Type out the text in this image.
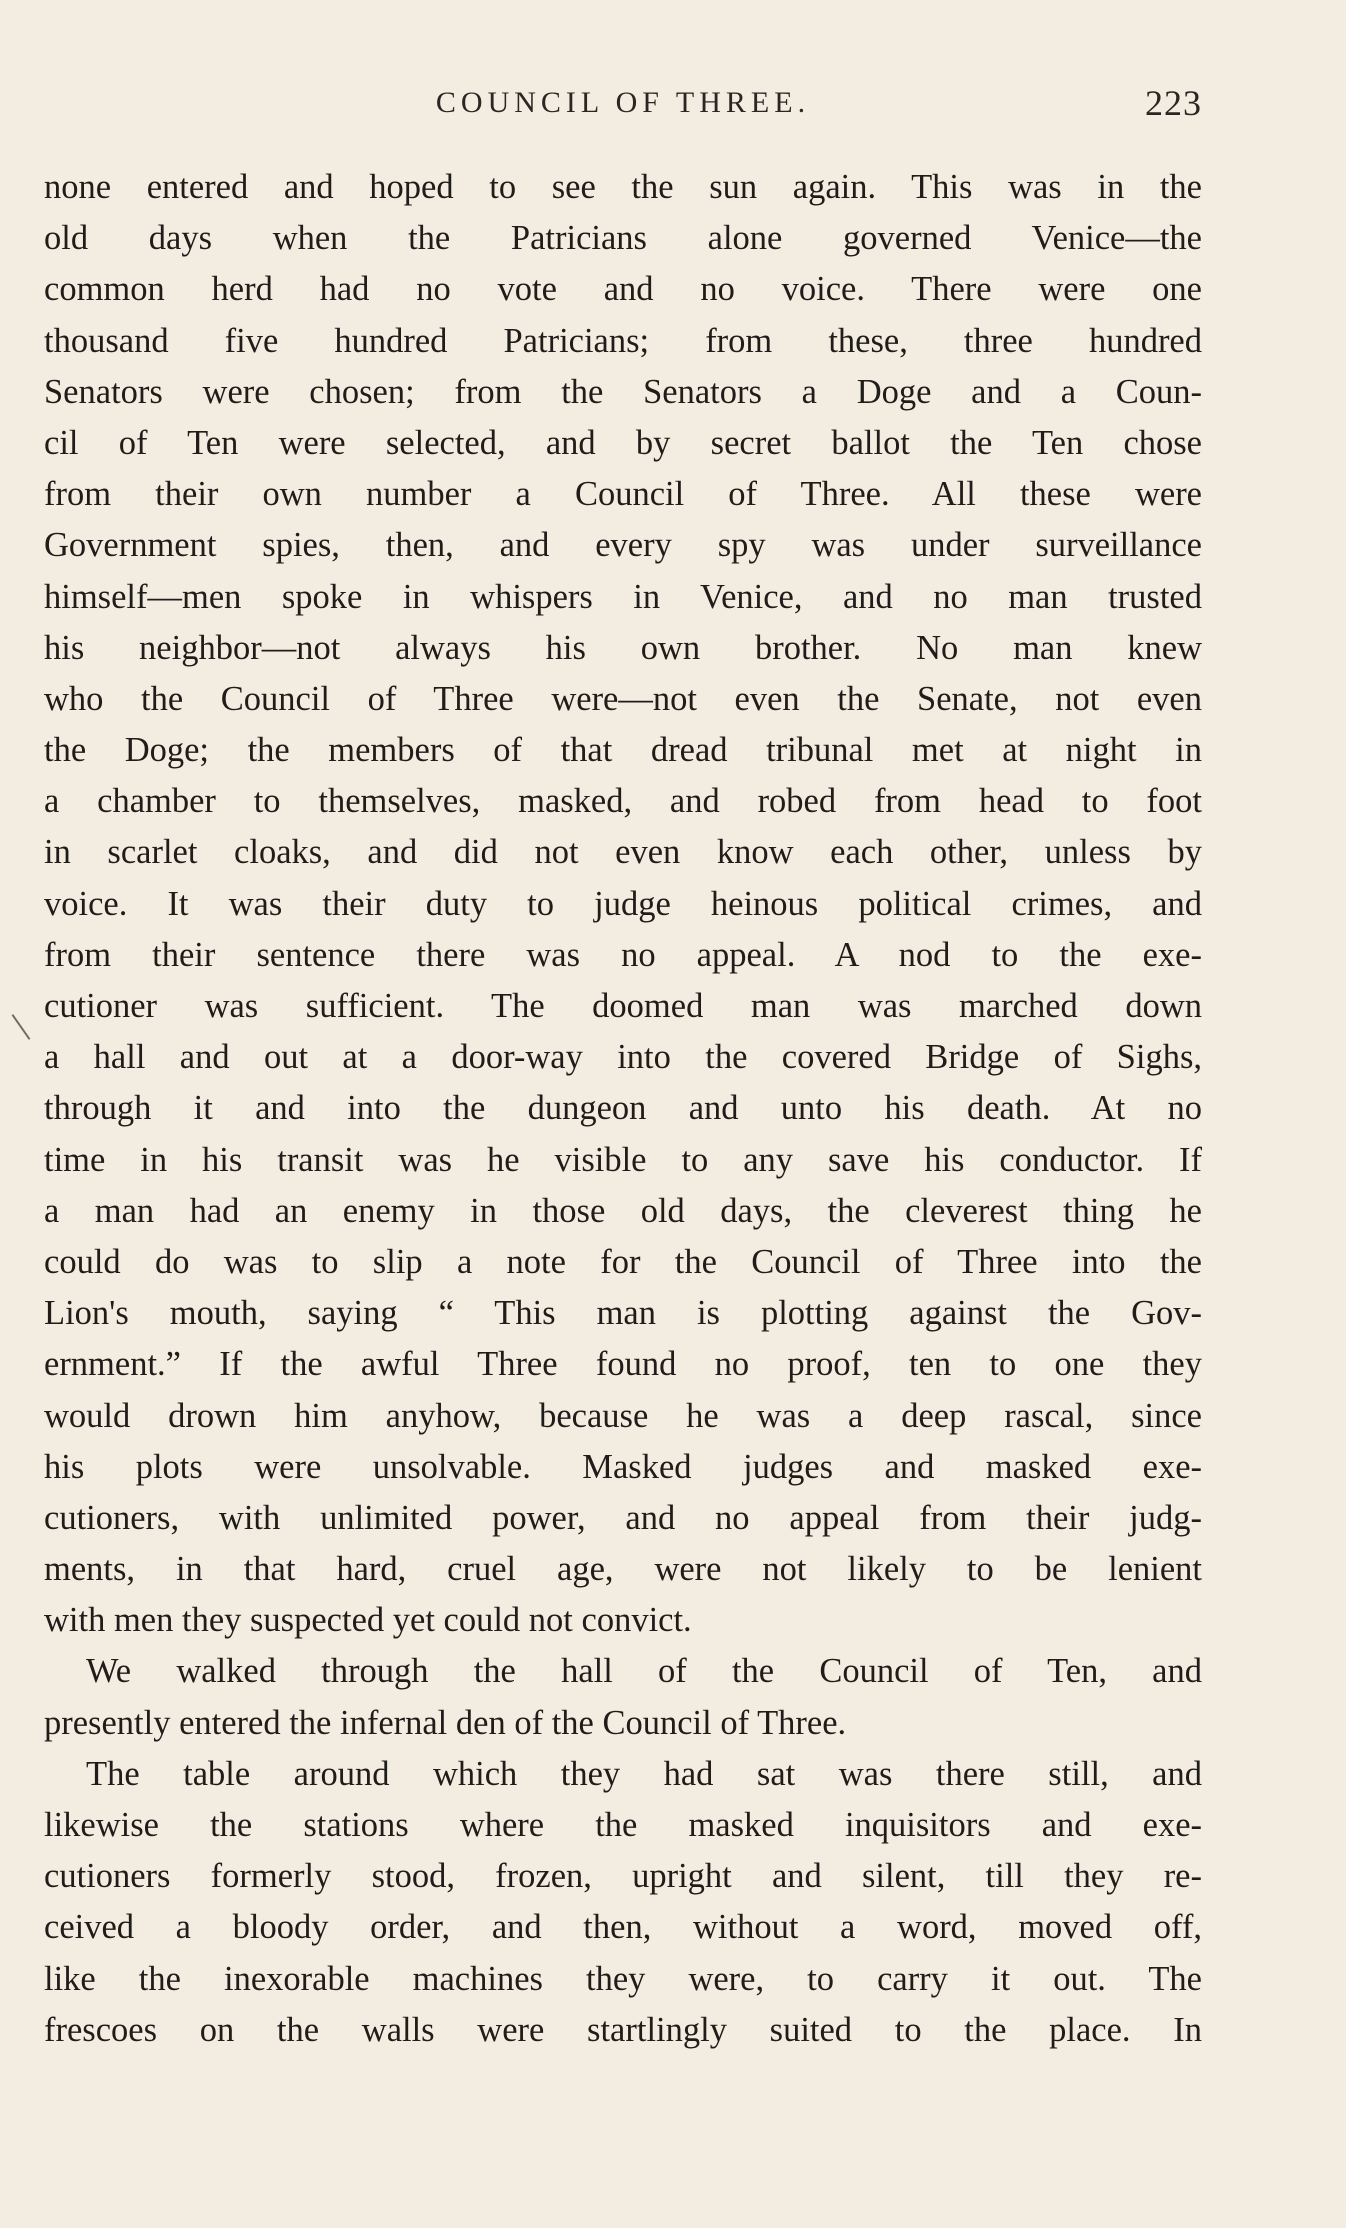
COUNCIL OF THREE.	223
none entered and hoped to see the sun again. This was in the
old days when the Patricians alone governed Venice—the
common herd had no vote and no voice. There were one
thousand five hundred Patricians; from these, three hundred
Senators were chosen; from the Senators a Doge and a Coun-
cil of Ten were selected, and by secret ballot the Ten chose
from their own number a Council of Three. All these were
Government spies, then, and every spy was under surveillance
himself—men spoke in whispers in Venice, and no man trusted
his neighbor—not always his own brother. No man knew
who the Council of Three were—not even the Senate, not even
the Doge; the members of that dread tribunal met at night in
a chamber to themselves, masked, and robed from head to foot
in scarlet cloaks, and did not even know each other, unless by
voice. It was their duty to judge heinous political crimes, and
from their sentence there was no appeal. A nod to the exe-
cutioner was sufficient. The doomed man was marched down
a hall and out at a door-way into the covered Bridge of Sighs,
through it and into the dungeon and unto his death. At no
time in his transit was he visible to any save his conductor. If
a man had an enemy in those old days, the cleverest thing he
could do was to slip a note for the Council of Three into the
Lion's mouth, saying “ This man is plotting against the Gov-
ernment.” If the awful Three found no proof, ten to one they
would drown him anyhow, because he was a deep rascal, since
his plots were unsolvable. Masked judges and masked exe-
cutioners, with unlimited power, and no appeal from their judg-
ments, in that hard, cruel age, were not likely to be lenient
with men they suspected yet could not convict.
We walked through the hall of the Council of Ten, and
presently entered the infernal den of the Council of Three.
The table around which they had sat was there still, and
likewise the stations where the masked inquisitors and exe-
cutioners formerly stood, frozen, upright and silent, till they re-
ceived a bloody order, and then, without a word, moved off,
like the inexorable machines they were, to carry it out. The
frescoes on the walls were startlingly suited to the place. In
